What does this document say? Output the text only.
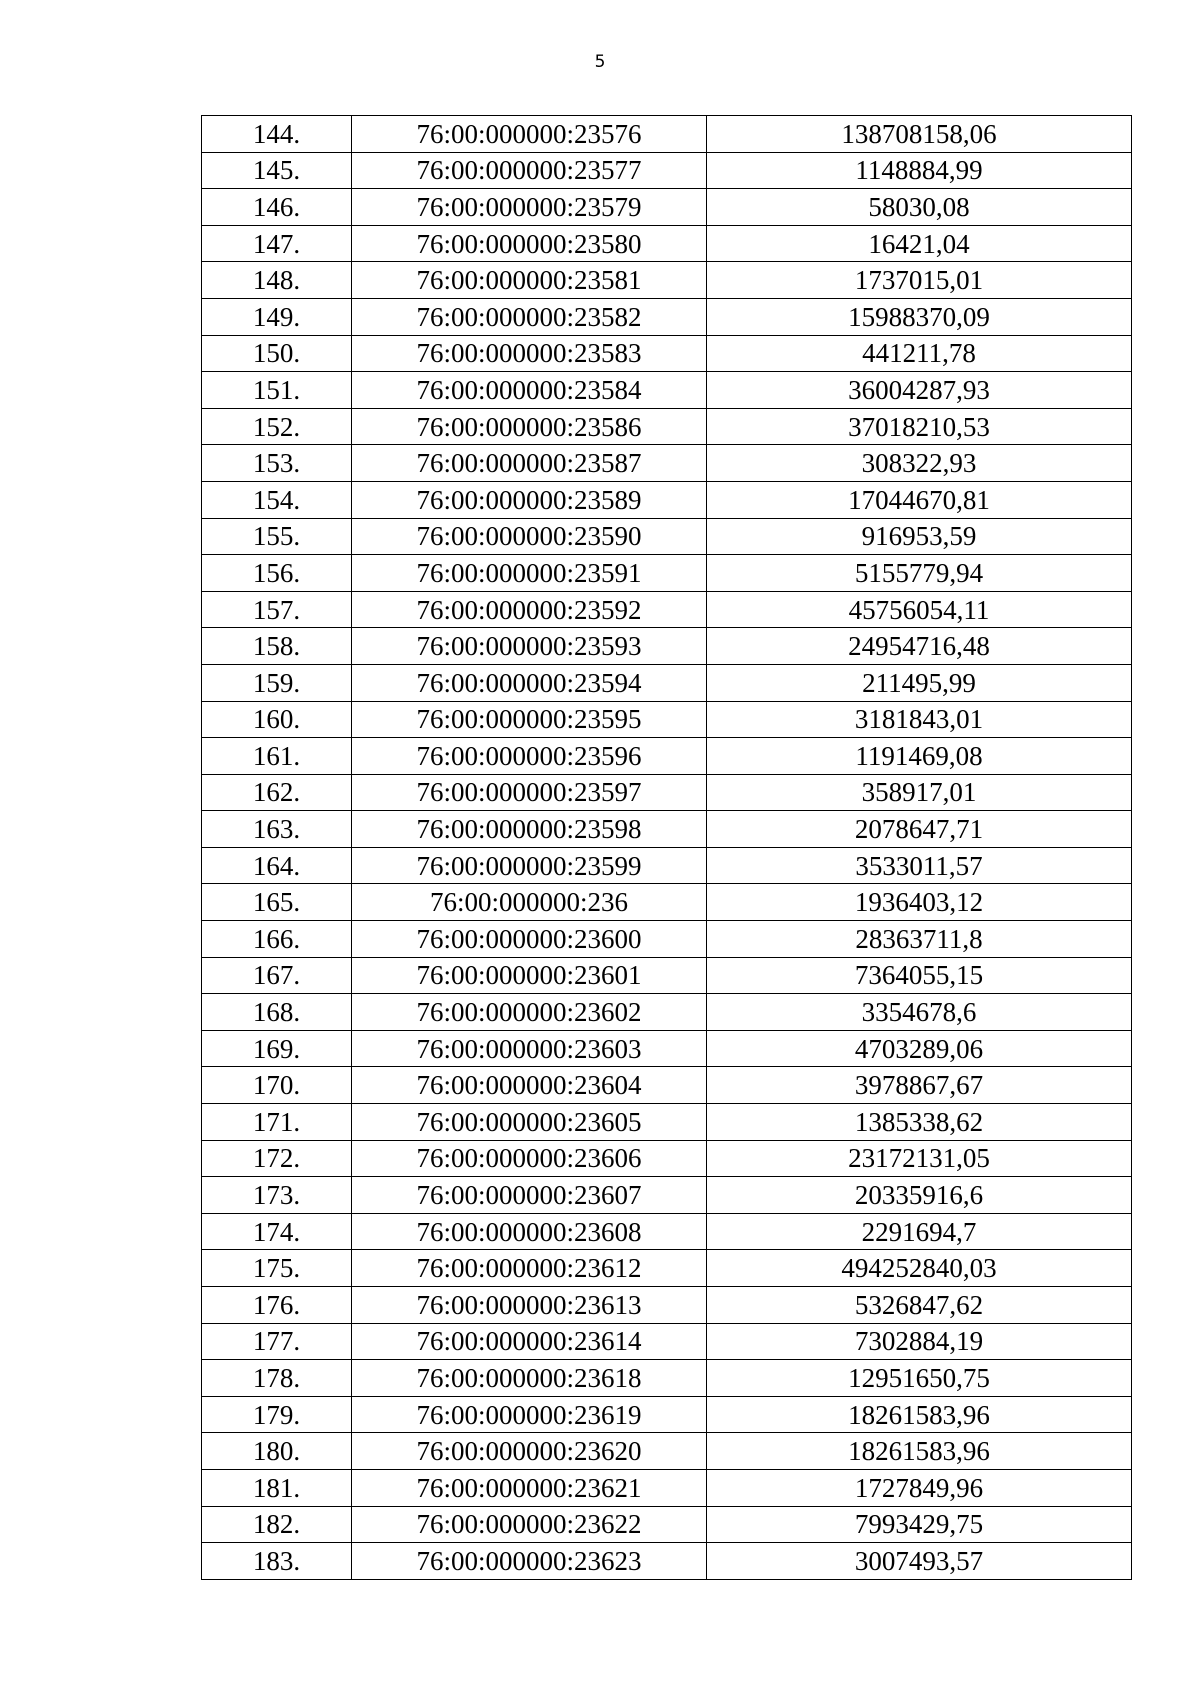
5
144.	76:00:000000:23576	138708158,06
145.	76:00:000000:23577	1148884,99
146.	76:00:000000:23579	58030,08
147.	76:00:000000:23580	16421,04
148.	76:00:000000:23581	1737015,01
149.	76:00:000000:23582	15988370,09
150.	76:00:000000:23583	441211,78
151.	76:00:000000:23584	36004287,93
152.	76:00:000000:23586	37018210,53
153.	76:00:000000:23587	308322,93
154.	76:00:000000:23589	17044670,81
155.	76:00:000000:23590	916953,59
156.	76:00:000000:23591	5155779,94
157.	76:00:000000:23592	45756054,11
158.	76:00:000000:23593	24954716,48
159.	76:00:000000:23594	211495,99
160.	76:00:000000:23595	3181843,01
161.	76:00:000000:23596	1191469,08
162.	76:00:000000:23597	358917,01
163.	76:00:000000:23598	2078647,71
164.	76:00:000000:23599	3533011,57
165.	76:00:000000:236	1936403,12
166.	76:00:000000:23600	28363711,8
167.	76:00:000000:23601	7364055,15
168.	76:00:000000:23602	3354678,6
169.	76:00:000000:23603	4703289,06
170.	76:00:000000:23604	3978867,67
171.	76:00:000000:23605	1385338,62
172.	76:00:000000:23606	23172131,05
173.	76:00:000000:23607	20335916,6
174.	76:00:000000:23608	2291694,7
175.	76:00:000000:23612	494252840,03
176.	76:00:000000:23613	5326847,62
177.	76:00:000000:23614	7302884,19
178.	76:00:000000:23618	12951650,75
179.	76:00:000000:23619	18261583,96
180.	76:00:000000:23620	18261583,96
181.	76:00:000000:23621	1727849,96
182.	76:00:000000:23622	7993429,75
183.	76:00:000000:23623	3007493,57
